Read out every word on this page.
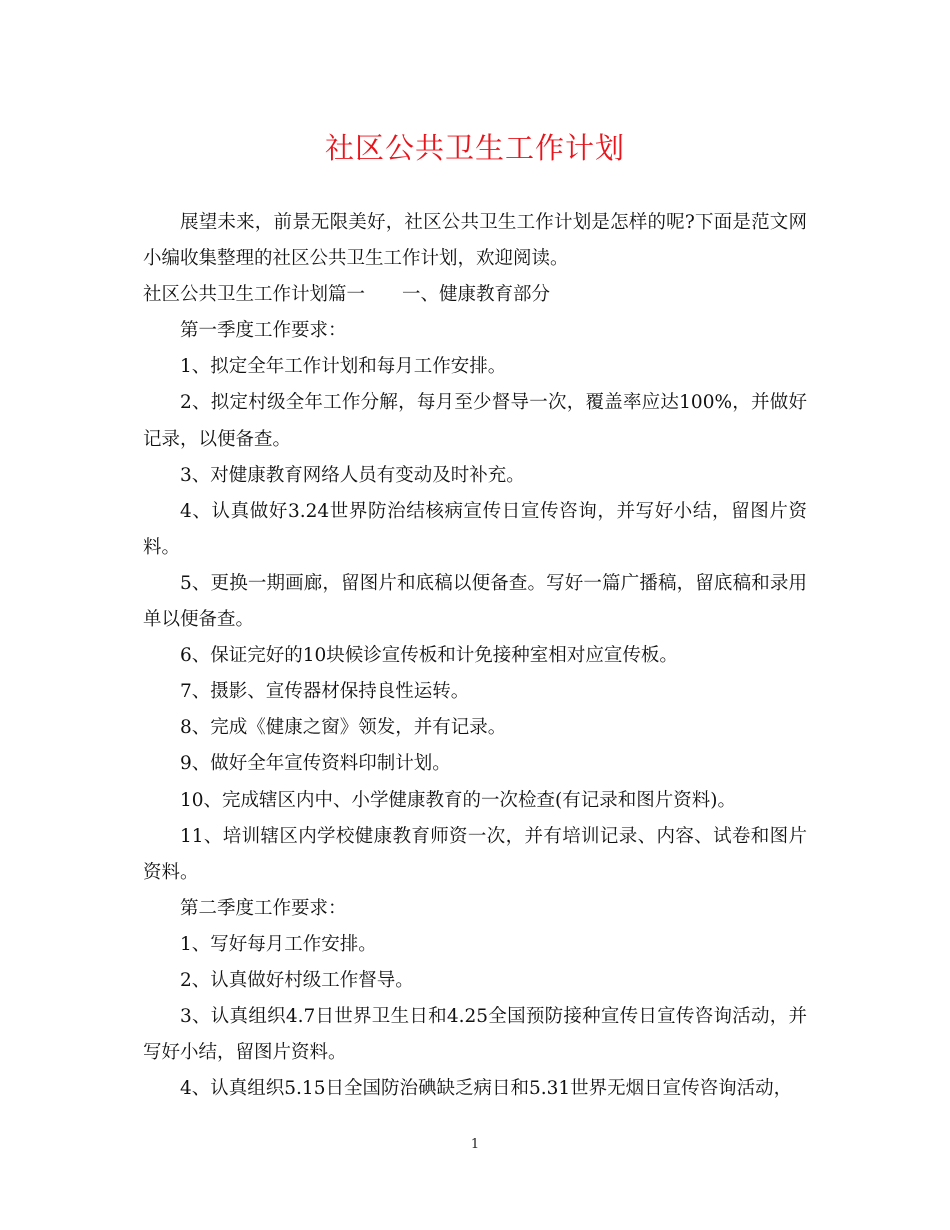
社区公共卫生工作计划

展望未来，前景无限美好，社区公共卫生工作计划是怎样的呢?下面是范文网小编收集整理的社区公共卫生工作计划，欢迎阅读。

社区公共卫生工作计划篇一　　一、健康教育部分

第一季度工作要求：

1、拟定全年工作计划和每月工作安排。

2、拟定村级全年工作分解，每月至少督导一次，覆盖率应达100%，并做好记录，以便备查。

3、对健康教育网络人员有变动及时补充。

4、认真做好3.24世界防治结核病宣传日宣传咨询，并写好小结，留图片资料。

5、更换一期画廊，留图片和底稿以便备查。写好一篇广播稿，留底稿和录用单以便备查。

6、保证完好的10块候诊宣传板和计免接种室相对应宣传板。

7、摄影、宣传器材保持良性运转。

8、完成《健康之窗》领发，并有记录。

9、做好全年宣传资料印制计划。

10、完成辖区内中、小学健康教育的一次检查(有记录和图片资料)。

11、培训辖区内学校健康教育师资一次，并有培训记录、内容、试卷和图片资料。

第二季度工作要求：

1、写好每月工作安排。

2、认真做好村级工作督导。

3、认真组织4.7日世界卫生日和4.25全国预防接种宣传日宣传咨询活动，并写好小结，留图片资料。

4、认真组织5.15日全国防治碘缺乏病日和5.31世界无烟日宣传咨询活动，

1
